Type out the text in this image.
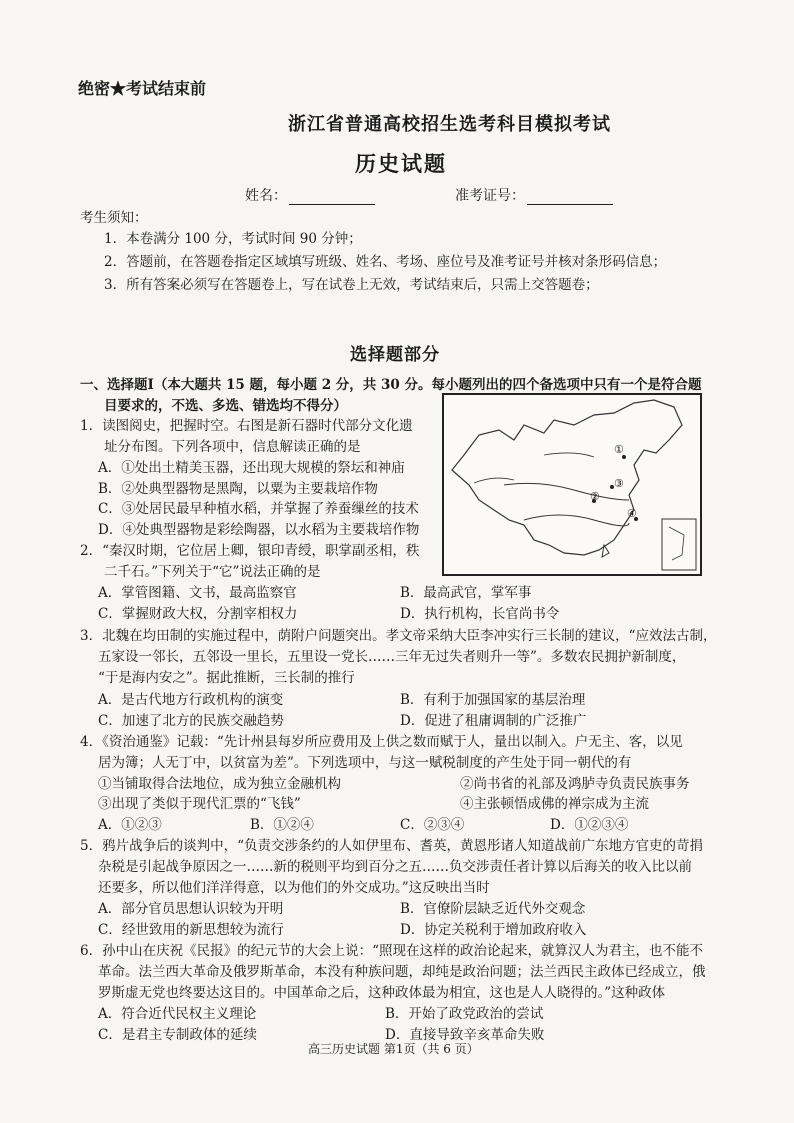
绝密★考试结束前
浙江省普通高校招生选考科目模拟考试
历史试题
姓名：	准考证号：
考生须知：
1．本卷满分 100 分，考试时间 90 分钟；
2．答题前，在答题卷指定区域填写班级、姓名、考场、座位号及准考证号并核对条形码信息；
3．所有答案必须写在答题卷上，写在试卷上无效，考试结束后，只需上交答题卷；
选择题部分
一、选择题Ⅰ（本大题共 15 题，每小题 2 分，共 30 分。每小题列出的四个备选项中只有一个是符合题
目要求的，不选、多选、错选均不得分）
①
③
②
④
1．读图阅史，把握时空。右图是新石器时代部分文化遗
址分布图。下列各项中，信息解读正确的是
A．①处出土精美玉器，还出现大规模的祭坛和神庙
B．②处典型器物是黑陶，以粟为主要栽培作物
C．③处居民最早种植水稻，并掌握了养蚕缫丝的技术
D．④处典型器物是彩绘陶器，以水稻为主要栽培作物
2．“秦汉时期，它位居上卿，银印青绶，职掌副丞相，秩
二千石。”下列关于“它”说法正确的是
A．掌管图籍、文书，最高监察官	B．最高武官，掌军事
C．掌握财政大权，分割宰相权力	D．执行机构，长官尚书令
3．北魏在均田制的实施过程中，荫附户问题突出。孝文帝采纳大臣李冲实行三长制的建议，“应效法古制，
五家设一邻长，五邻设一里长，五里设一党长……三年无过失者则升一等”。多数农民拥护新制度，
“于是海内安之”。据此推断，三长制的推行
A．是古代地方行政机构的演变	B．有利于加强国家的基层治理
C．加速了北方的民族交融趋势	D．促进了租庸调制的广泛推广
4．《资治通鉴》记载：“先计州县每岁所应费用及上供之数而赋于人，量出以制入。户无主、客，以见
居为簿；人无丁中，以贫富为差”。下列选项中，与这一赋税制度的产生处于同一朝代的有
①当铺取得合法地位，成为独立金融机构	②尚书省的礼部及鸿胪寺负责民族事务
③出现了类似于现代汇票的“飞钱”	④主张顿悟成佛的禅宗成为主流
A．①②③	B．①②④	C．②③④	D．①②③④
5．鸦片战争后的谈判中，“负责交涉条约的人如伊里布、耆英，黄恩彤诸人知道战前广东地方官吏的苛捐
杂税是引起战争原因之一……新的税则平均到百分之五……负交涉责任者计算以后海关的收入比以前
还要多，所以他们洋洋得意，以为他们的外交成功。”这反映出当时
A．部分官员思想认识较为开明	B．官僚阶层缺乏近代外交观念
C．经世致用的新思想较为流行	D．协定关税利于增加政府收入
6．孙中山在庆祝《民报》的纪元节的大会上说：“照现在这样的政治论起来，就算汉人为君主，也不能不
革命。法兰西大革命及俄罗斯革命，本没有种族问题，却纯是政治问题；法兰西民主政体已经成立，俄
罗斯虚无党也终要达这目的。中国革命之后，这种政体最为相宜，这也是人人晓得的。”这种政体
A．符合近代民权主义理论	B．开始了政党政治的尝试
C．是君主专制政体的延续	D．直接导致辛亥革命失败
高三历史试题 第1页（共 6 页）
